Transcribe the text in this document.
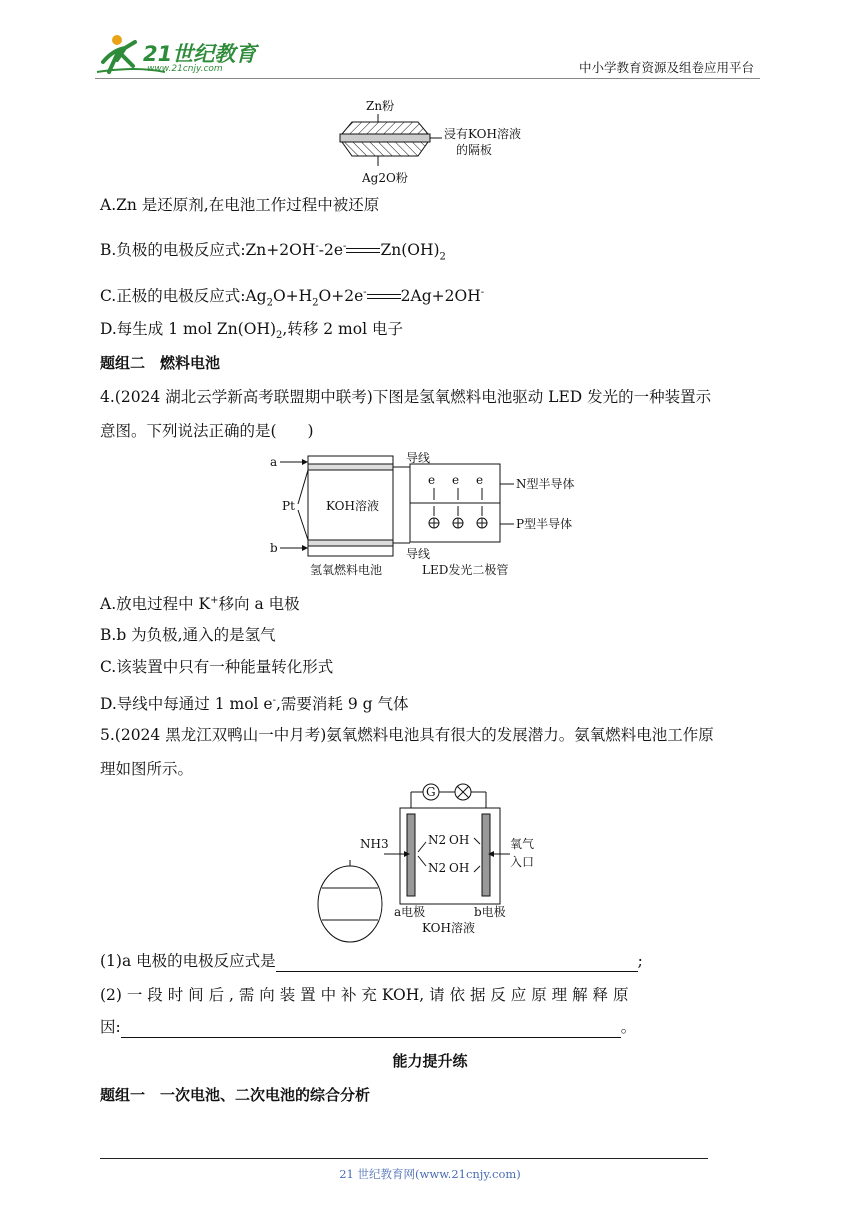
21世纪教育
www.21cnjy.com	中小学教育资源及组卷应用平台
Zn粉
浸有KOH溶液
的隔板
Ag2O粉
A.Zn 是还原剂,在电池工作过程中被还原
B.负极的电极反应式:Zn+2OH--2e- $Zn(OH)_2$
C.正极的电极反应式$:Ag_2O+H_2O+2e^-$ 2Ag+2OH-
D.每生成 1 mol $Zn(OH)_2$,转移 2 mol 电子
题组二　燃料电池
4.(2024 湖北云学新高考联盟期中联考)下图是氢氧燃料电池驱动 LED 发光的一种装置示
意图。下列说法正确的是(　　)
a
b
Pt	KOH溶液
导线
导线
e e e	N型半导体
P型半导体
氢氧燃料电池	LED发光二极管
A.放电过程中 K+移向 a 电极
B.b 为负极,通入的是氢气
C.该装置中只有一种能量转化形式
D.导线中每通过 1 mol e-,需要消耗 9 g 气体
5.(2024 黑龙江双鸭山一中月考)氨氧燃料电池具有很大的发展潜力。氨氧燃料电池工作原
理如图所示。
G
NH3	N2 OH
N2 OH
氧气
入口
a电极	b电极
KOH溶液
(1)a 电极的电极反应式是	;
(2) 一 段 时 间 后 , 需 向 装 置 中 补 充 KOH, 请 依 据 反 应 原 理 解 释 原
因:	。
能力提升练
题组一　一次电池、二次电池的综合分析
21 世纪教育网(www.21cnjy.com)
